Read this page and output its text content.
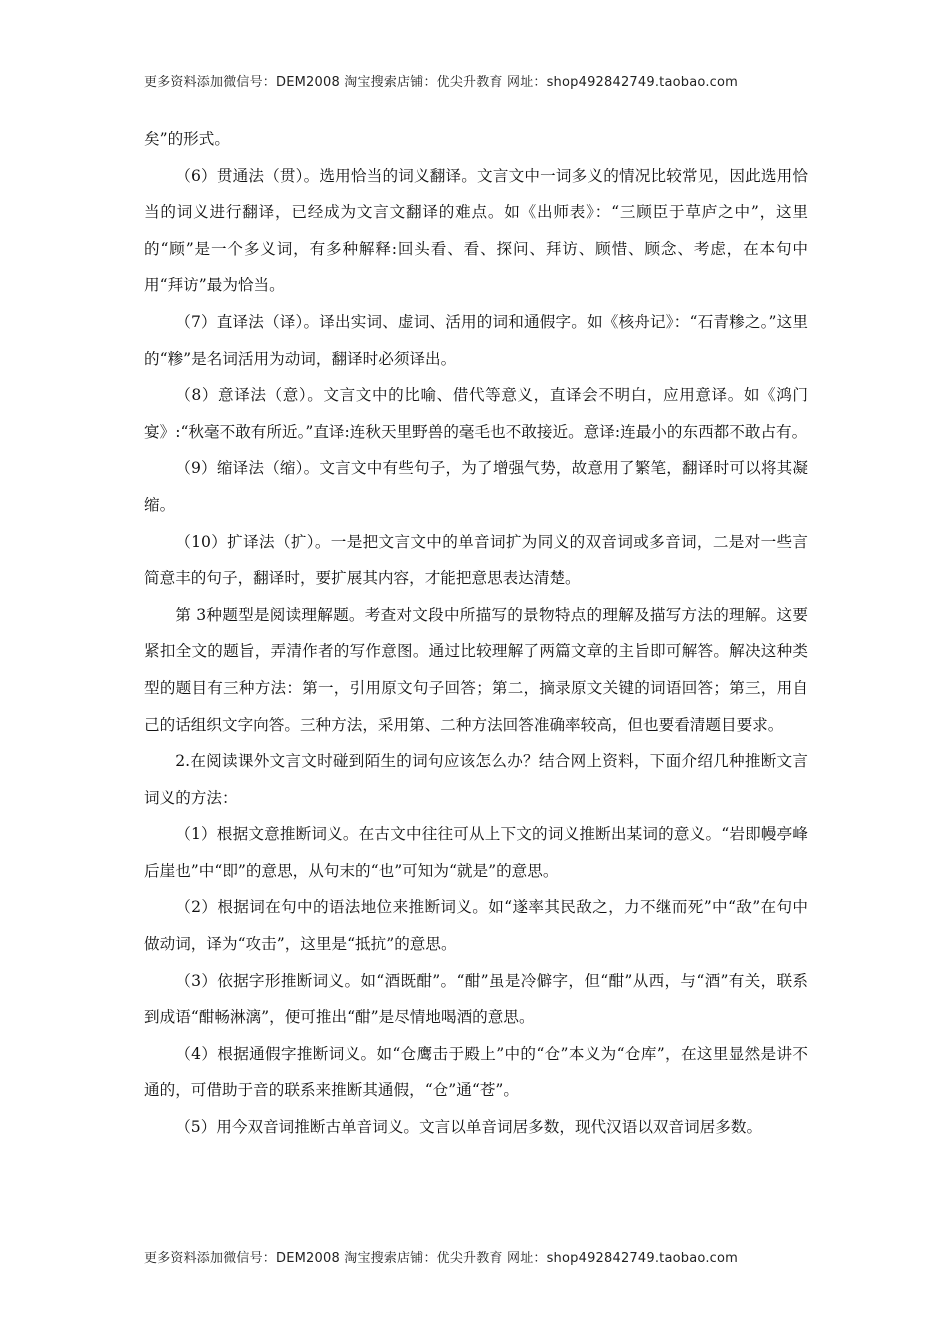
更多资料添加微信号：DEM2008 淘宝搜索店铺：优尖升教育 网址：shop492842749.taobao.com

矣”的形式。

（6）贯通法（贯）。选用恰当的词义翻译。文言文中一词多义的情况比较常见，因此选用恰当的词义进行翻译，已经成为文言文翻译的难点。如《出师表》：“三顾臣于草庐之中”，这里的“顾”是一个多义词，有多种解释:回头看、看、探问、拜访、顾惜、顾念、考虑，在本句中用“拜访”最为恰当。

（7）直译法（译）。译出实词、虚词、活用的词和通假字。如《核舟记》：“石青糁之。”这里的“糁”是名词活用为动词，翻译时必须译出。

（8）意译法（意）。文言文中的比喻、借代等意义，直译会不明白，应用意译。如《鸿门宴》:“秋毫不敢有所近。”直译:连秋天里野兽的毫毛也不敢接近。意译:连最小的东西都不敢占有。

（9）缩译法（缩）。文言文中有些句子，为了增强气势，故意用了繁笔，翻译时可以将其凝缩。

（10）扩译法（扩）。一是把文言文中的单音词扩为同义的双音词或多音词，二是对一些言简意丰的句子，翻译时，要扩展其内容，才能把意思表达清楚。

第 3种题型是阅读理解题。考查对文段中所描写的景物特点的理解及描写方法的理解。这要紧扣全文的题旨，弄清作者的写作意图。通过比较理解了两篇文章的主旨即可解答。解决这种类型的题目有三种方法：第一，引用原文句子回答；第二，摘录原文关键的词语回答；第三，用自己的话组织文字向答。三种方法，采用第、二种方法回答准确率较高，但也要看清题目要求。

2.在阅读课外文言文时碰到陌生的词句应该怎么办？结合网上资料，下面介绍几种推断文言词义的方法：

（1）根据文意推断词义。在古文中往往可从上下文的词义推断出某词的意义。“岩即幔亭峰后崖也”中“即”的意思，从句末的“也”可知为“就是”的意思。

（2）根据词在句中的语法地位来推断词义。如“遂率其民敌之，力不继而死”中“敌”在句中做动词，译为“攻击”，这里是“抵抗”的意思。

（3）依据字形推断词义。如“酒既酣”。“酣”虽是冷僻字，但“酣”从西，与“酒”有关，联系到成语“酣畅淋漓”，便可推出“酣”是尽情地喝酒的意思。

（4）根据通假字推断词义。如“仓鹰击于殿上”中的“仓”本义为“仓库”，在这里显然是讲不通的，可借助于音的联系来推断其通假，“仓”通“苍”。

（5）用今双音词推断古单音词义。文言以单音词居多数，现代汉语以双音词居多数。

更多资料添加微信号：DEM2008 淘宝搜索店铺：优尖升教育 网址：shop492842749.taobao.com
